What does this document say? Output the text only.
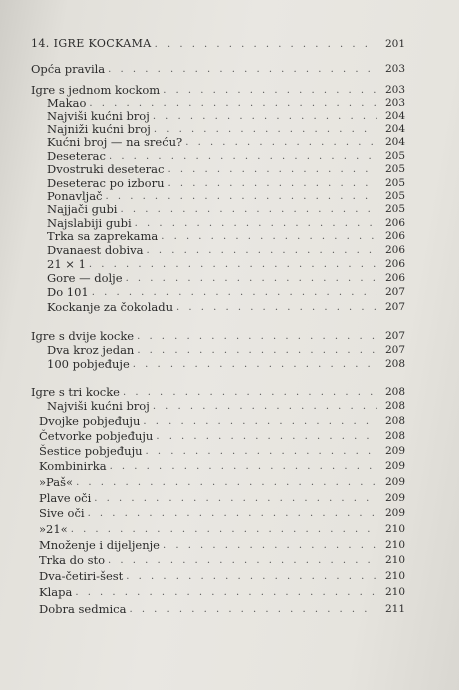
14. IGRE KOCKAMA . . .	201
Opća pravila . . .	203
Igre s jednom kockom . . .	203
Makao . . .	203
Najviši kućni broj . . .	204
Najniži kućni broj . . .	204
Kućni broj — na sreću? . . .	204
Deseterac . . .	205
Dvostruki deseterac . . .	205
Deseterac po izboru . . .	205
Ponavljač . . .	205
Najjači gubi . . .	205
Najslabiji gubi . . .	206
Trka sa zaprekama . . .	206
Dvanaest dobiva . . .	206
21 × 1 . . .	206
Gore — dolje . . .	206
Do 101 . . .	207
Kockanje za čokoladu . . .	207
Igre s dvije kocke . . .	207
Dva kroz jedan . . .	207
100 pobjeđuje . . .	208
Igre s tri kocke . . .	208
Najviši kućni broj . . .	208
Dvojke pobjeđuju . . .	208
Četvorke pobjeđuju . . .	208
Šestice pobjeđuju . . .	209
Kombinirka . . .	209
»Paš« . . .	209
Plave oči . . .	209
Sive oči . . .	209
»21« . . .	210
Množenje i dijeljenje . . .	210
Trka do sto . . .	210
Dva-četiri-šest . . .	210
Klapa . . .	210
Dobra sedmica . . .	211
